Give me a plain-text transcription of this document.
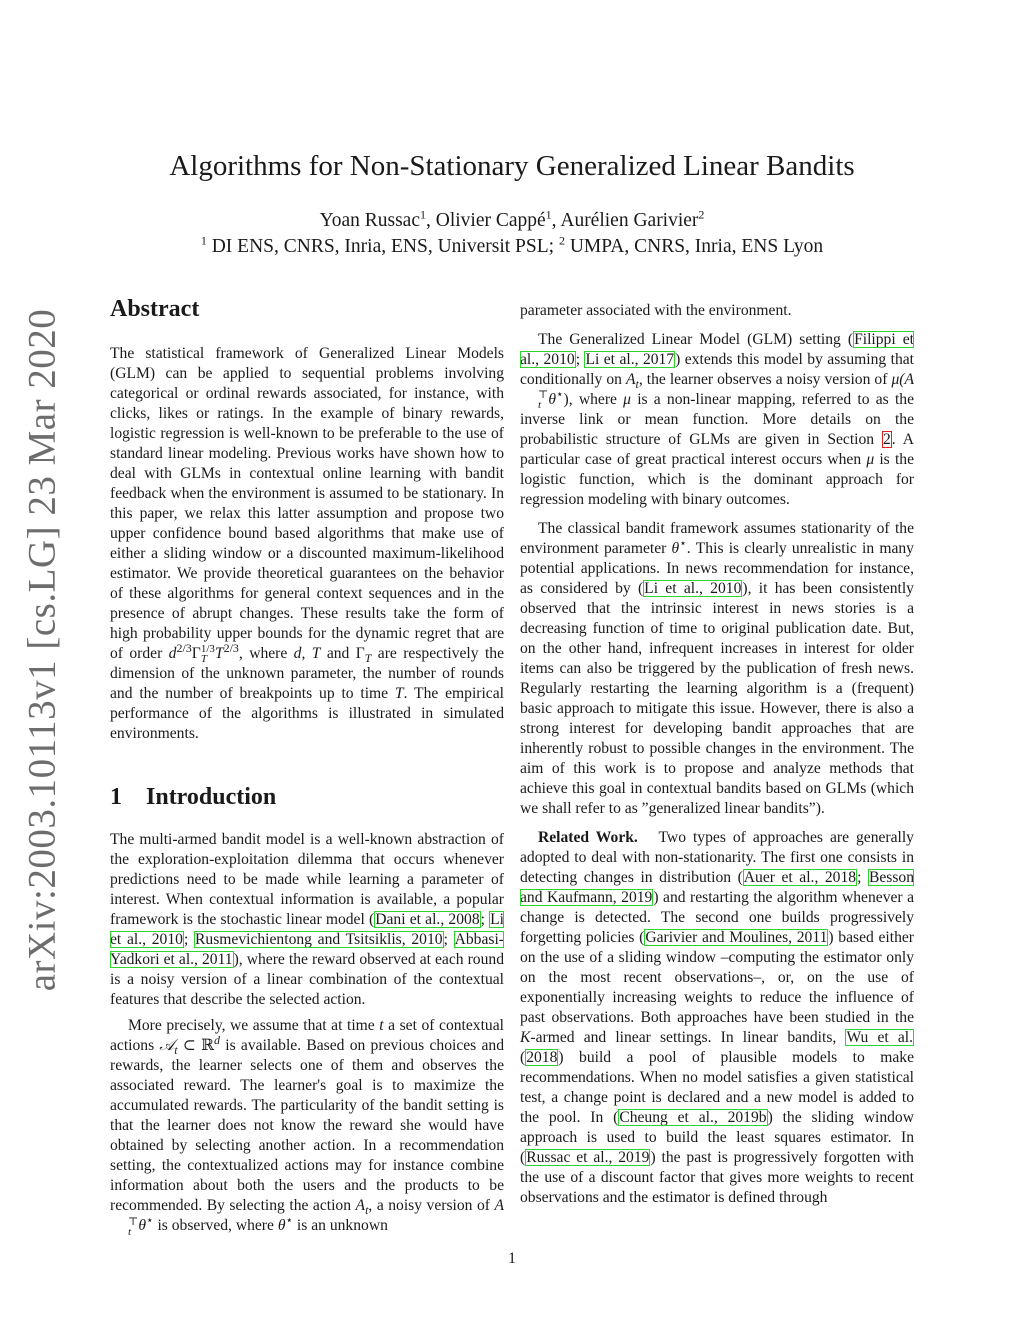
arXiv:2003.10113v1 [cs.LG] 23 Mar 2020
Algorithms for Non-Stationary Generalized Linear Bandits
Yoan Russac$^1$, Olivier Cappé$^1$, Aurélien Garivier$^2$
$^1$ DI ENS, CNRS, Inria, ENS, Universit PSL; $^2$ UMPA, CNRS, Inria, ENS Lyon
Abstract

The statistical framework of Generalized Linear Models (GLM) can be applied to sequential problems involving categorical or ordinal rewards associated, for instance, with clicks, likes or ratings. In the example of binary rewards, logistic regression is well-known to be preferable to the use of standard linear modeling. Previous works have shown how to deal with GLMs in contextual online learning with bandit feedback when the environment is assumed to be stationary. In this paper, we relax this latter assumption and propose two upper confidence bound based algorithms that make use of either a sliding window or a discounted maximum-likelihood estimator. We provide theoretical guarantees on the behavior of these algorithms for general context sequences and in the presence of abrupt changes. These results take the form of high probability upper bounds for the dynamic regret that are of order $d^{2/3}\Gamma$ 1/3
T $T^{2/3}$, where d, T and $\Gamma_T$ are respectively the dimension of the unknown parameter, the number of rounds and the number of breakpoints up to time T. The empirical performance of the algorithms is illustrated in simulated environments.

1 Introduction

The multi-armed bandit model is a well-known abstraction of the exploration-exploitation dilemma that occurs whenever predictions need to be made while learning a parameter of interest. When contextual information is available, a popular framework is the stochastic linear model (Dani et al., 2008; Li et al., 2010; Rusmevichientong and Tsitsiklis, 2010; Abbasi-Yadkori et al., 2011), where the reward observed at each round is a noisy version of a linear combination of the contextual features that describe the selected action.

More precisely, we assume that at time t a set of contextual actions 𝒜$_t$ ⊂ ℝ$^d$ is available. Based on previous choices and rewards, the learner selects one of them and observes the associated reward. The learner's goal is to maximize the accumulated rewards. The particularity of the bandit setting is that the learner does not know the reward she would have obtained by selecting another action. In a recommendation setting, the contextualized actions may for instance combine information about both the users and the products to be recommended. By selecting the action $A_t$, a noisy version of A
⊤
t θ⋆ is observed, where θ⋆ is an unknown

parameter associated with the environment.

The Generalized Linear Model (GLM) setting (Filippi et al., 2010; Li et al., 2017) extends this model by assuming that conditionally on $A_t$, the learner observes a noisy version of μ(A
⊤
t θ⋆), where μ is a non-linear mapping, referred to as the inverse link or mean function. More details on the probabilistic structure of GLMs are given in Section 2. A particular case of great practical interest occurs when μ is the logistic function, which is the dominant approach for regression modeling with binary outcomes.

The classical bandit framework assumes stationarity of the environment parameter θ⋆. This is clearly unrealistic in many potential applications. In news recommendation for instance, as considered by (Li et al., 2010), it has been consistently observed that the intrinsic interest in news stories is a decreasing function of time to original publication date. But, on the other hand, infrequent increases in interest for older items can also be triggered by the publication of fresh news. Regularly restarting the learning algorithm is a (frequent) basic approach to mitigate this issue. However, there is also a strong interest for developing bandit approaches that are inherently robust to possible changes in the environment. The aim of this work is to propose and analyze methods that achieve this goal in contextual bandits based on GLMs (which we shall refer to as ”generalized linear bandits”).

Related Work.   Two types of approaches are generally adopted to deal with non-stationarity. The first one consists in detecting changes in distribution (Auer et al., 2018; Besson and Kaufmann, 2019) and restarting the algorithm whenever a change is detected. The second one builds progressively forgetting policies (Garivier and Moulines, 2011) based either on the use of a sliding window –computing the estimator only on the most recent observations–, or, on the use of exponentially increasing weights to reduce the influence of past observations. Both approaches have been studied in the K-armed and linear settings. In linear bandits, Wu et al. (2018) build a pool of plausible models to make recommendations. When no model satisfies a given statistical test, a change point is declared and a new model is added to the pool. In (Cheung et al., 2019b) the sliding window approach is used to build the least squares estimator. In (Russac et al., 2019) the past is progressively forgotten with the use of a discount factor that gives more weights to recent observations and the estimator is defined through

1
